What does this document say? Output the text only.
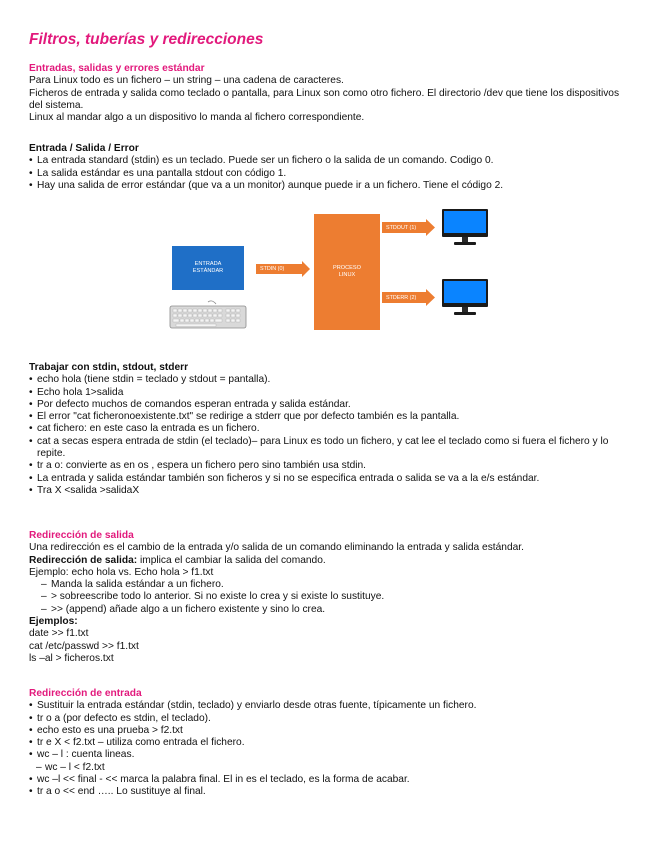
Filtros, tuberías y redirecciones

Entradas, salidas y errores estándar

Para Linux todo es un fichero – un string – una cadena de caracteres.

Ficheros de entrada y salida como teclado o pantalla, para Linux son como otro fichero. El directorio /dev que tiene los dispositivos del sistema.

Linux al mandar algo a un dispositivo lo manda al fichero correspondiente.

Entrada / Salida / Error

• La entrada standard (stdin) es un teclado. Puede ser un fichero o la salida de un comando. Codigo 0.
• La salida estándar es una pantalla stdout con código 1.
• Hay una salida de error estándar (que va a un monitor) aunque puede ir a un fichero. Tiene el código 2.
ENTRADA ESTÁNDAR	STDIN (0)	PROCESO LINUX
STDOUT (1)
STDERR (2)

Trabajar con stdin, stdout, stderr

• echo hola (tiene stdin = teclado y stdout = pantalla).
• Echo hola 1>salida
• Por defecto muchos de comandos esperan entrada y salida estándar.
• El error "cat ficheronoexistente.txt" se redirige a stderr que por defecto también es la pantalla.
• cat fichero: en este caso la entrada es un fichero.
• cat a secas espera entrada de stdin (el teclado)– para Linux es todo un fichero, y cat lee el teclado como si fuera el fichero y lo repite.
• tr a o: convierte as en os , espera un fichero pero sino también usa stdin.
• La entrada y salida estándar también son ficheros y si no se especifica entrada o salida se va a la e/s estándar.
• Tra X <salida >salidaX

Redirección de salida

Una redirección es el cambio de la entrada y/o salida de un comando eliminando la entrada y salida estándar.

Redirección de salida: implica el cambiar la salida del comando.

Ejemplo: echo hola vs. Echo hola > f1.txt

– Manda la salida estándar a un fichero.
– > sobreescribe todo lo anterior. Si no existe lo crea y si existe lo sustituye.
– >> (append) añade algo a un fichero existente y sino lo crea.

Ejemplos:

date >> f1.txt

cat /etc/passwd >> f1.txt

ls –al > ficheros.txt

Redirección de entrada

• Sustituir la entrada estándar (stdin, teclado) y enviarlo desde otras fuente, típicamente un fichero.
• tr o a (por defecto es stdin, el teclado).
• echo esto es una prueba > f2.txt
• tr e X < f2.txt – utiliza como entrada el fichero.
• wc – l : cuenta lineas.
– wc – l < f2.txt
• wc –l << final - << marca la palabra final. El in es el teclado, es la forma de acabar.
• tr a o << end ….. Lo sustituye al final.
